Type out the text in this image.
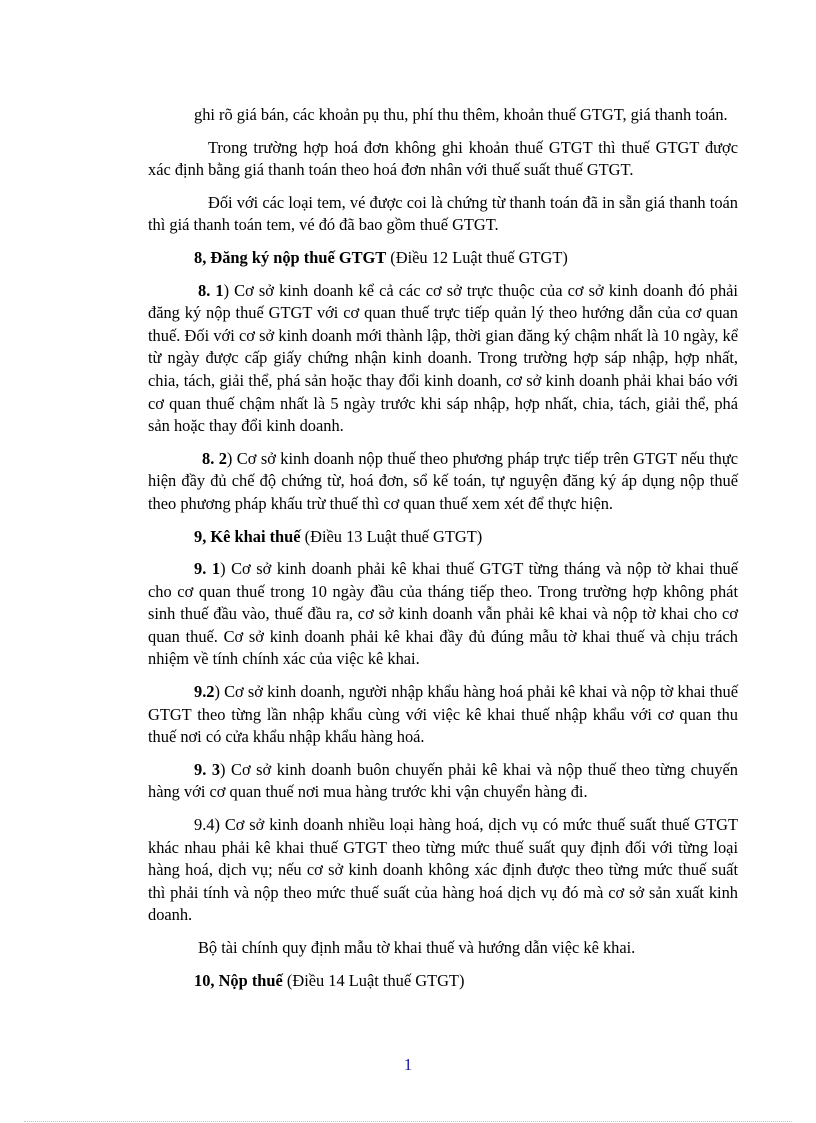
ghi rõ giá bán, các khoản pụ thu, phí thu thêm, khoản thuế GTGT, giá thanh toán.

Trong trường hợp hoá đơn không ghi khoản thuế GTGT thì thuế GTGT được xác định bằng giá thanh toán theo hoá đơn nhân với thuế suất thuế GTGT.

Đối với các loại tem, vé được coi là chứng từ thanh toán đã in sẵn giá thanh toán thì giá thanh toán tem, vé đó đã bao gồm thuế GTGT.

8, Đăng ký nộp thuế GTGT (Điều 12 Luật thuế GTGT)

8. 1) Cơ sở kinh doanh kể cả các cơ sở trực thuộc của cơ sở kinh doanh đó phải đăng ký nộp thuế GTGT với cơ quan thuế trực tiếp quản lý theo hướng dẫn của cơ quan thuế. Đối với cơ sở kinh doanh mới thành lập, thời gian đăng ký chậm nhất là 10 ngày, kể từ ngày được cấp giấy chứng nhận kinh doanh. Trong trường hợp sáp nhập, hợp nhất, chia, tách, giải thể, phá sản hoặc thay đổi kinh doanh, cơ sở kinh doanh phải khai báo với cơ quan thuế chậm nhất là 5 ngày trước khi sáp nhập, hợp nhất, chia, tách, giải thể, phá sản hoặc thay đổi kinh doanh.

8. 2) Cơ sở kinh doanh nộp thuế theo phương pháp trực tiếp trên GTGT nếu thực hiện đầy đủ chế độ chứng từ, hoá đơn, sổ kế toán, tự nguyện đăng ký áp dụng nộp thuế theo phương pháp khấu trừ thuế thì cơ quan thuế xem xét để thực hiện.

9, Kê khai thuế (Điều 13 Luật thuế GTGT)

9. 1) Cơ sở kinh doanh phải kê khai thuế GTGT từng tháng và nộp tờ khai thuế cho cơ quan thuế trong 10 ngày đầu của tháng tiếp theo. Trong trường hợp không phát sinh thuế đầu vào, thuế đầu ra, cơ sở kinh doanh vẫn phải kê khai và nộp tờ khai cho cơ quan thuế. Cơ sở kinh doanh phải kê khai đầy đủ đúng mẫu tờ khai thuế và chịu trách nhiệm về tính chính xác của việc kê khai.

9.2) Cơ sở kinh doanh, người nhập khẩu hàng hoá phải kê khai và nộp tờ khai thuế GTGT theo từng lần nhập khẩu cùng với việc kê khai thuế nhập khẩu với cơ quan thu thuế nơi có cửa khẩu nhập khẩu hàng hoá.

9. 3) Cơ sở kinh doanh buôn chuyến phải kê khai và nộp thuế theo từng chuyến hàng với cơ quan thuế nơi mua hàng trước khi vận chuyển hàng đi.

9.4) Cơ sở kinh doanh nhiều loại hàng hoá, dịch vụ có mức thuế suất thuế GTGT khác nhau phải kê khai thuế GTGT theo từng mức thuế suất quy định đối với từng loại hàng hoá, dịch vụ; nếu cơ sở kinh doanh không xác định được theo từng mức thuế suất thì phải tính và nộp theo mức thuế suất của hàng hoá dịch vụ đó mà cơ sở sản xuất kinh doanh.

Bộ tài chính quy định mẫu tờ khai thuế và hướng dẫn việc kê khai.

10, Nộp thuế (Điều 14 Luật thuế GTGT)

1
